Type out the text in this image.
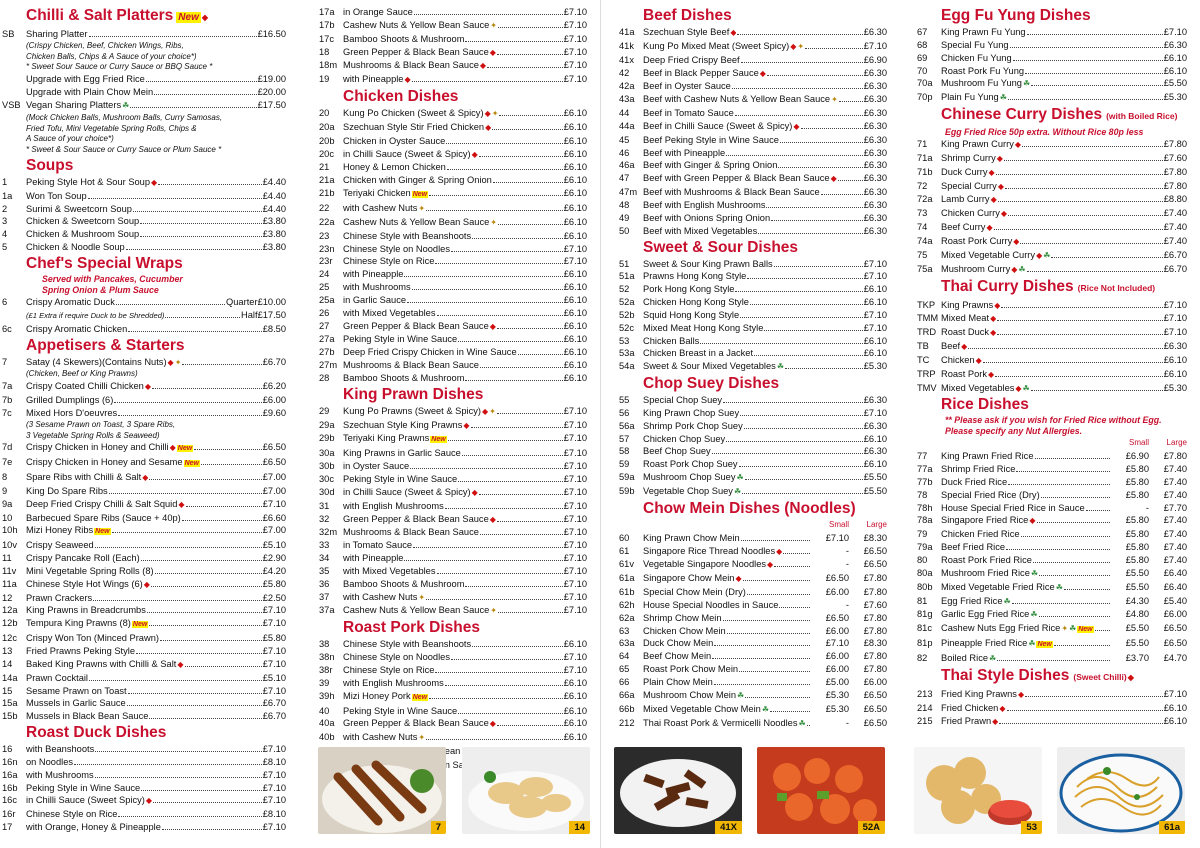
Chilli & Salt Platters New ◆
SB	Sharing Platter	£16.50
(Crispy Chicken, Beef, Chicken Wings, Ribs,
Chicken Balls, Chips & A Sauce of your choice*)
* Sweet Sour Sauce or Curry Sauce or BBQ Sauce *
Upgrade with Egg Fried Rice	£19.00
Upgrade with Plain Chow Mein	£20.00
VSB Vegan Sharing Platters☘	£17.50
(Mock Chicken Balls, Mushroom Balls, Curry Samosas,
Fried Tofu, Mini Vegetable Spring Rolls, Chips &
A Sauce of your choice*)
* Sweet & Sour Sauce or Curry Sauce or Plum Sauce *
Soups
1	Peking Style Hot & Sour Soup◆	£4.40
1a	Won Ton Soup	£4.40
2	Surimi & Sweetcorn Soup	£4.40
3	Chicken & Sweetcorn Soup	£3.80
4	Chicken & Mushroom Soup	£3.80
5	Chicken & Noodle Soup	£3.80
Chef's Special Wraps
Served with Pancakes, Cucumber
Spring Onion & Plum Sauce
6	Crispy Aromatic Duck	Quarter £10.00
(£1 Extra if require Duck to be Shredded)	Half £17.50
6c	Crispy Aromatic Chicken	£8.50
Appetisers & Starters
7	Satay (4 Skewers)(Contains Nuts)◆✦	£6.70
(Chicken, Beef or King Prawns)
7a	Crispy Coated Chilli Chicken◆	£6.20
7b	Grilled Dumplings (6)	£6.00
7c	Mixed Hors D'oeuvres	£9.60
(3 Sesame Prawn on Toast, 3 Spare Ribs,
3 Vegetable Spring Rolls & Seaweed)
7d	Crispy Chicken in Honey and Chilli◆ New	£6.50
7e	Crispy Chicken in Honey and Sesame New	£6.50
8	Spare Ribs with Chilli & Salt◆	£7.00
9	King Do Spare Ribs	£7.00
9a	Deep Fried Crispy Chilli & Salt Squid◆	£7.10
10	Barbecued Spare Ribs (Sauce + 40p)	£6.60
10h Mizi Honey Ribs New	£7.00
10v Crispy Seaweed	£5.10
11	Crispy Pancake Roll (Each)	£2.90
11v	Mini Vegetable Spring Rolls (8)	£4.20
11a Chinese Style Hot Wings (6)◆	£5.80
12	Prawn Crackers	£2.50
12a King Prawns in Breadcrumbs	£7.10
12b Tempura King Prawns (8) New	£7.10
12c Crispy Won Ton (Minced Prawn)	£5.80
13	Fried Prawns Peking Style	£7.10
14	Baked King Prawns with Chilli & Salt◆	£7.10
14a Prawn Cocktail	£5.10
15	Sesame Prawn on Toast	£7.10
15a Mussels in Garlic Sauce	£6.70
15b Mussels in Black Bean Sauce	£6.70
Roast Duck Dishes
16	with Beanshoots	£7.10
16n on Noodles	£8.10
16a with Mushrooms	£7.10
16b Peking Style in Wine Sauce	£7.10
16c in Chilli Sauce (Sweet Spicy)◆	£7.10
16r	Chinese Style on Rice	£8.10
17	with Orange, Honey & Pineapple	£7.10
17a in Orange Sauce	£7.10
17b Cashew Nuts & Yellow Bean Sauce✦	£7.10
17c Bamboo Shoots & Mushroom	£7.10
18	Green Pepper & Black Bean Sauce◆	£7.10
18m Mushrooms & Black Bean Sauce◆	£7.10
19	with Pineapple◆	£7.10
Chicken Dishes
20	Kung Po Chicken (Sweet & Spicy)◆✦	£6.10
20a Szechuan Style Stir Fried Chicken◆	£6.10
20b Chicken in Oyster Sauce	£6.10
20c in Chilli Sauce (Sweet & Spicy)◆	£6.10
21	Honey & Lemon Chicken	£6.10
21a Chicken with Ginger & Spring Onion	£6.10
21b Teriyaki Chicken New	£6.10
22	with Cashew Nuts✦	£6.10
22a Cashew Nuts & Yellow Bean Sauce✦	£6.10
23	Chinese Style with Beanshoots	£6.10
23n Chinese Style on Noodles	£7.10
23r	Chinese Style on Rice	£7.10
24	with Pineapple	£6.10
25	with Mushrooms	£6.10
25a in Garlic Sauce	£6.10
26	with Mixed Vegetables	£6.10
27	Green Pepper & Black Bean Sauce◆	£6.10
27a Peking Style in Wine Sauce	£6.10
27b Deep Fried Crispy Chicken in Wine Sauce	£6.10
27m Mushrooms & Black Bean Sauce	£6.10
28	Bamboo Shoots & Mushroom	£6.10
King Prawn Dishes
29	Kung Po Prawns (Sweet & Spicy)◆✦	£7.10
29a Szechuan Style King Prawns◆	£7.10
29b Teriyaki King Prawns New	£7.10
30a King Prawns in Garlic Sauce	£7.10
30b in Oyster Sauce	£7.10
30c Peking Style in Wine Sauce	£7.10
30d in Chilli Sauce (Sweet & Spicy)◆	£7.10
31	with English Mushrooms	£7.10
32	Green Pepper & Black Bean Sauce◆	£7.10
32m Mushrooms & Black Bean Sauce	£7.10
33	in Tomato Sauce	£7.10
34	with Pineapple	£7.10
35	with Mixed Vegetables	£7.10
36	Bamboo Shoots & Mushroom	£7.10
37	with Cashew Nuts✦	£7.10
37a Cashew Nuts & Yellow Bean Sauce✦	£7.10
Roast Pork Dishes
38	Chinese Style with Beanshoots	£6.10
38n Chinese Style on Noodles	£7.10
38r	Chinese Style on Rice	£7.10
39	with English Mushrooms	£6.10
39h Mizi Honey Pork New	£6.10
40	Peking Style in Wine Sauce	£6.10
40a Green Pepper & Black Bean Sauce◆	£6.10
40b with Cashew Nuts✦	£6.10
Bean
Beef Dishes
41a Szechuan Style Beef◆	£6.30
41k Kung Po Mixed Meat (Sweet Spicy)◆✦	£7.10
41x Deep Fried Crispy Beef	£6.90
42	Beef in Black Pepper Sauce◆	£6.30
42a Beef in Oyster Sauce	£6.30
43a Beef with Cashew Nuts & Yellow Bean Sauce✦	£6.30
44	Beef in Tomato Sauce	£6.30
44a Beef in Chilli Sauce (Sweet & Spicy)◆	£6.30
45	Beef Peking Style in Wine Sauce	£6.30
46	Beef with Pineapple	£6.30
46a Beef with Ginger & Spring Onion	£6.30
47	Beef with Green Pepper & Black Bean Sauce◆	£6.30
47m Beef with Mushrooms & Black Bean Sauce	£6.30
48	Beef with English Mushrooms	£6.30
49	Beef with Onions Spring Onion	£6.30
50	Beef with Mixed Vegetables	£6.30
Sweet & Sour Dishes
51	Sweet & Sour King Prawn Balls	£7.10
51a Prawns Hong Kong Style	£7.10
52	Pork Hong Kong Style	£6.10
52a Chicken Hong Kong Style	£6.10
52b Squid Hong Kong Style	£7.10
52c Mixed Meat Hong Kong Style	£7.10
53	Chicken Balls	£6.10
53a Chicken Breast in a Jacket	£6.10
54a Sweet & Sour Mixed Vegetables☘	£5.30
Chop Suey Dishes
55	Special Chop Suey	£6.30
56	King Prawn Chop Suey	£7.10
56a Shrimp Pork Chop Suey	£6.30
57	Chicken Chop Suey	£6.10
58	Beef Chop Suey	£6.30
59	Roast Pork Chop Suey	£6.10
59a Mushroom Chop Suey☘	£5.50
59b Vegetable Chop Suey☘	£5.50
Chow Mein Dishes (Noodles)
Small	Large
60	King Prawn Chow Mein	£7.10	£8.30
61	Singapore Rice Thread Noodles◆	-	£6.50
61v Vegetable Singapore Noodles◆	-	£6.50
61a Singapore Chow Mein◆	£6.50	£7.80
61b Special Chow Mein (Dry)	£6.00	£7.80
62h House Special Noodles in Sauce	-	£7.60
62a Shrimp Chow Mein	£6.50	£7.80
63	Chicken Chow Mein	£6.00	£7.80
63a Duck Chow Mein	£7.10	£8.30
64	Beef Chow Mein	£6.00	£7.80
65	Roast Pork Chow Mein	£6.00	£7.80
66	Plain Chow Mein	£5.00	£6.00
66a Mushroom Chow Mein☘	£5.30	£6.50
66b Mixed Vegetable Chow Mein☘	£5.30	£6.50
212 Thai Roast Pork & Vermicelli Noodles☘	-	£6.50
Egg Fu Yung Dishes
67	King Prawn Fu Yung	£7.10
68	Special Fu Yung	£6.30
69	Chicken Fu Yung	£6.10
70	Roast Pork Fu Yung	£6.10
70a Mushroom Fu Yung☘	£5.50
70p Plain Fu Yung☘	£5.30
Chinese Curry Dishes (with Boiled Rice)
Egg Fried Rice 50p extra. Without Rice 80p less
71	King Prawn Curry◆	£7.80
71a Shrimp Curry◆	£7.60
71b Duck Curry◆	£7.80
72	Special Curry◆	£7.80
72a Lamb Curry◆	£8.80
73	Chicken Curry◆	£7.40
74	Beef Curry◆	£7.40
74a Roast Pork Curry◆	£7.40
75	Mixed Vegetable Curry◆☘	£6.70
75a Mushroom Curry◆☘	£6.70
Thai Curry Dishes (Rice Not Included)
TKP King Prawns◆	£7.10
TMM Mixed Meat◆	£7.10
TRD Roast Duck◆	£7.10
TB	Beef◆	£6.30
TC	Chicken◆	£6.10
TRP Roast Pork◆	£6.10
TMV Mixed Vegetables◆☘	£5.30
Rice Dishes
** Please ask if you wish for Fried Rice without Egg.
Please specify any Nut Allergies.
Small	Large
77	King Prawn Fried Rice	£6.90	£7.80
77a Shrimp Fried Rice	£5.80	£7.40
77b Duck Fried Rice	£5.80	£7.40
78	Special Fried Rice (Dry)	£5.80	£7.40
78h House Special Fried Rice in Sauce	-	£7.70
78a Singapore Fried Rice◆	£5.80	£7.40
79	Chicken Fried Rice	£5.80	£7.40
79a Beef Fried Rice	£5.80	£7.40
80	Roast Pork Fried Rice	£5.80	£7.40
80a Mushroom Fried Rice☘	£5.50	£6.40
80b Mixed Vegetable Fried Rice☘	£5.50	£6.40
81	Egg Fried Rice☘	£4.30	£5.40
81g Garlic Egg Fried Rice☘	£4.80	£6.00
81c Cashew Nuts Egg Fried Rice✦☘ New	£5.50	£6.50
81p Pineapple Fried Rice☘ New	£5.50	£6.50
82	Boiled Rice☘	£3.70	£4.70
Thai Style Dishes (Sweet Chilli)◆
213 Fried King Prawns◆	£7.10
214 Fried Chicken◆	£6.10
215 Fried Prawn◆	£6.10
7	14	41X	52A	53	61a
